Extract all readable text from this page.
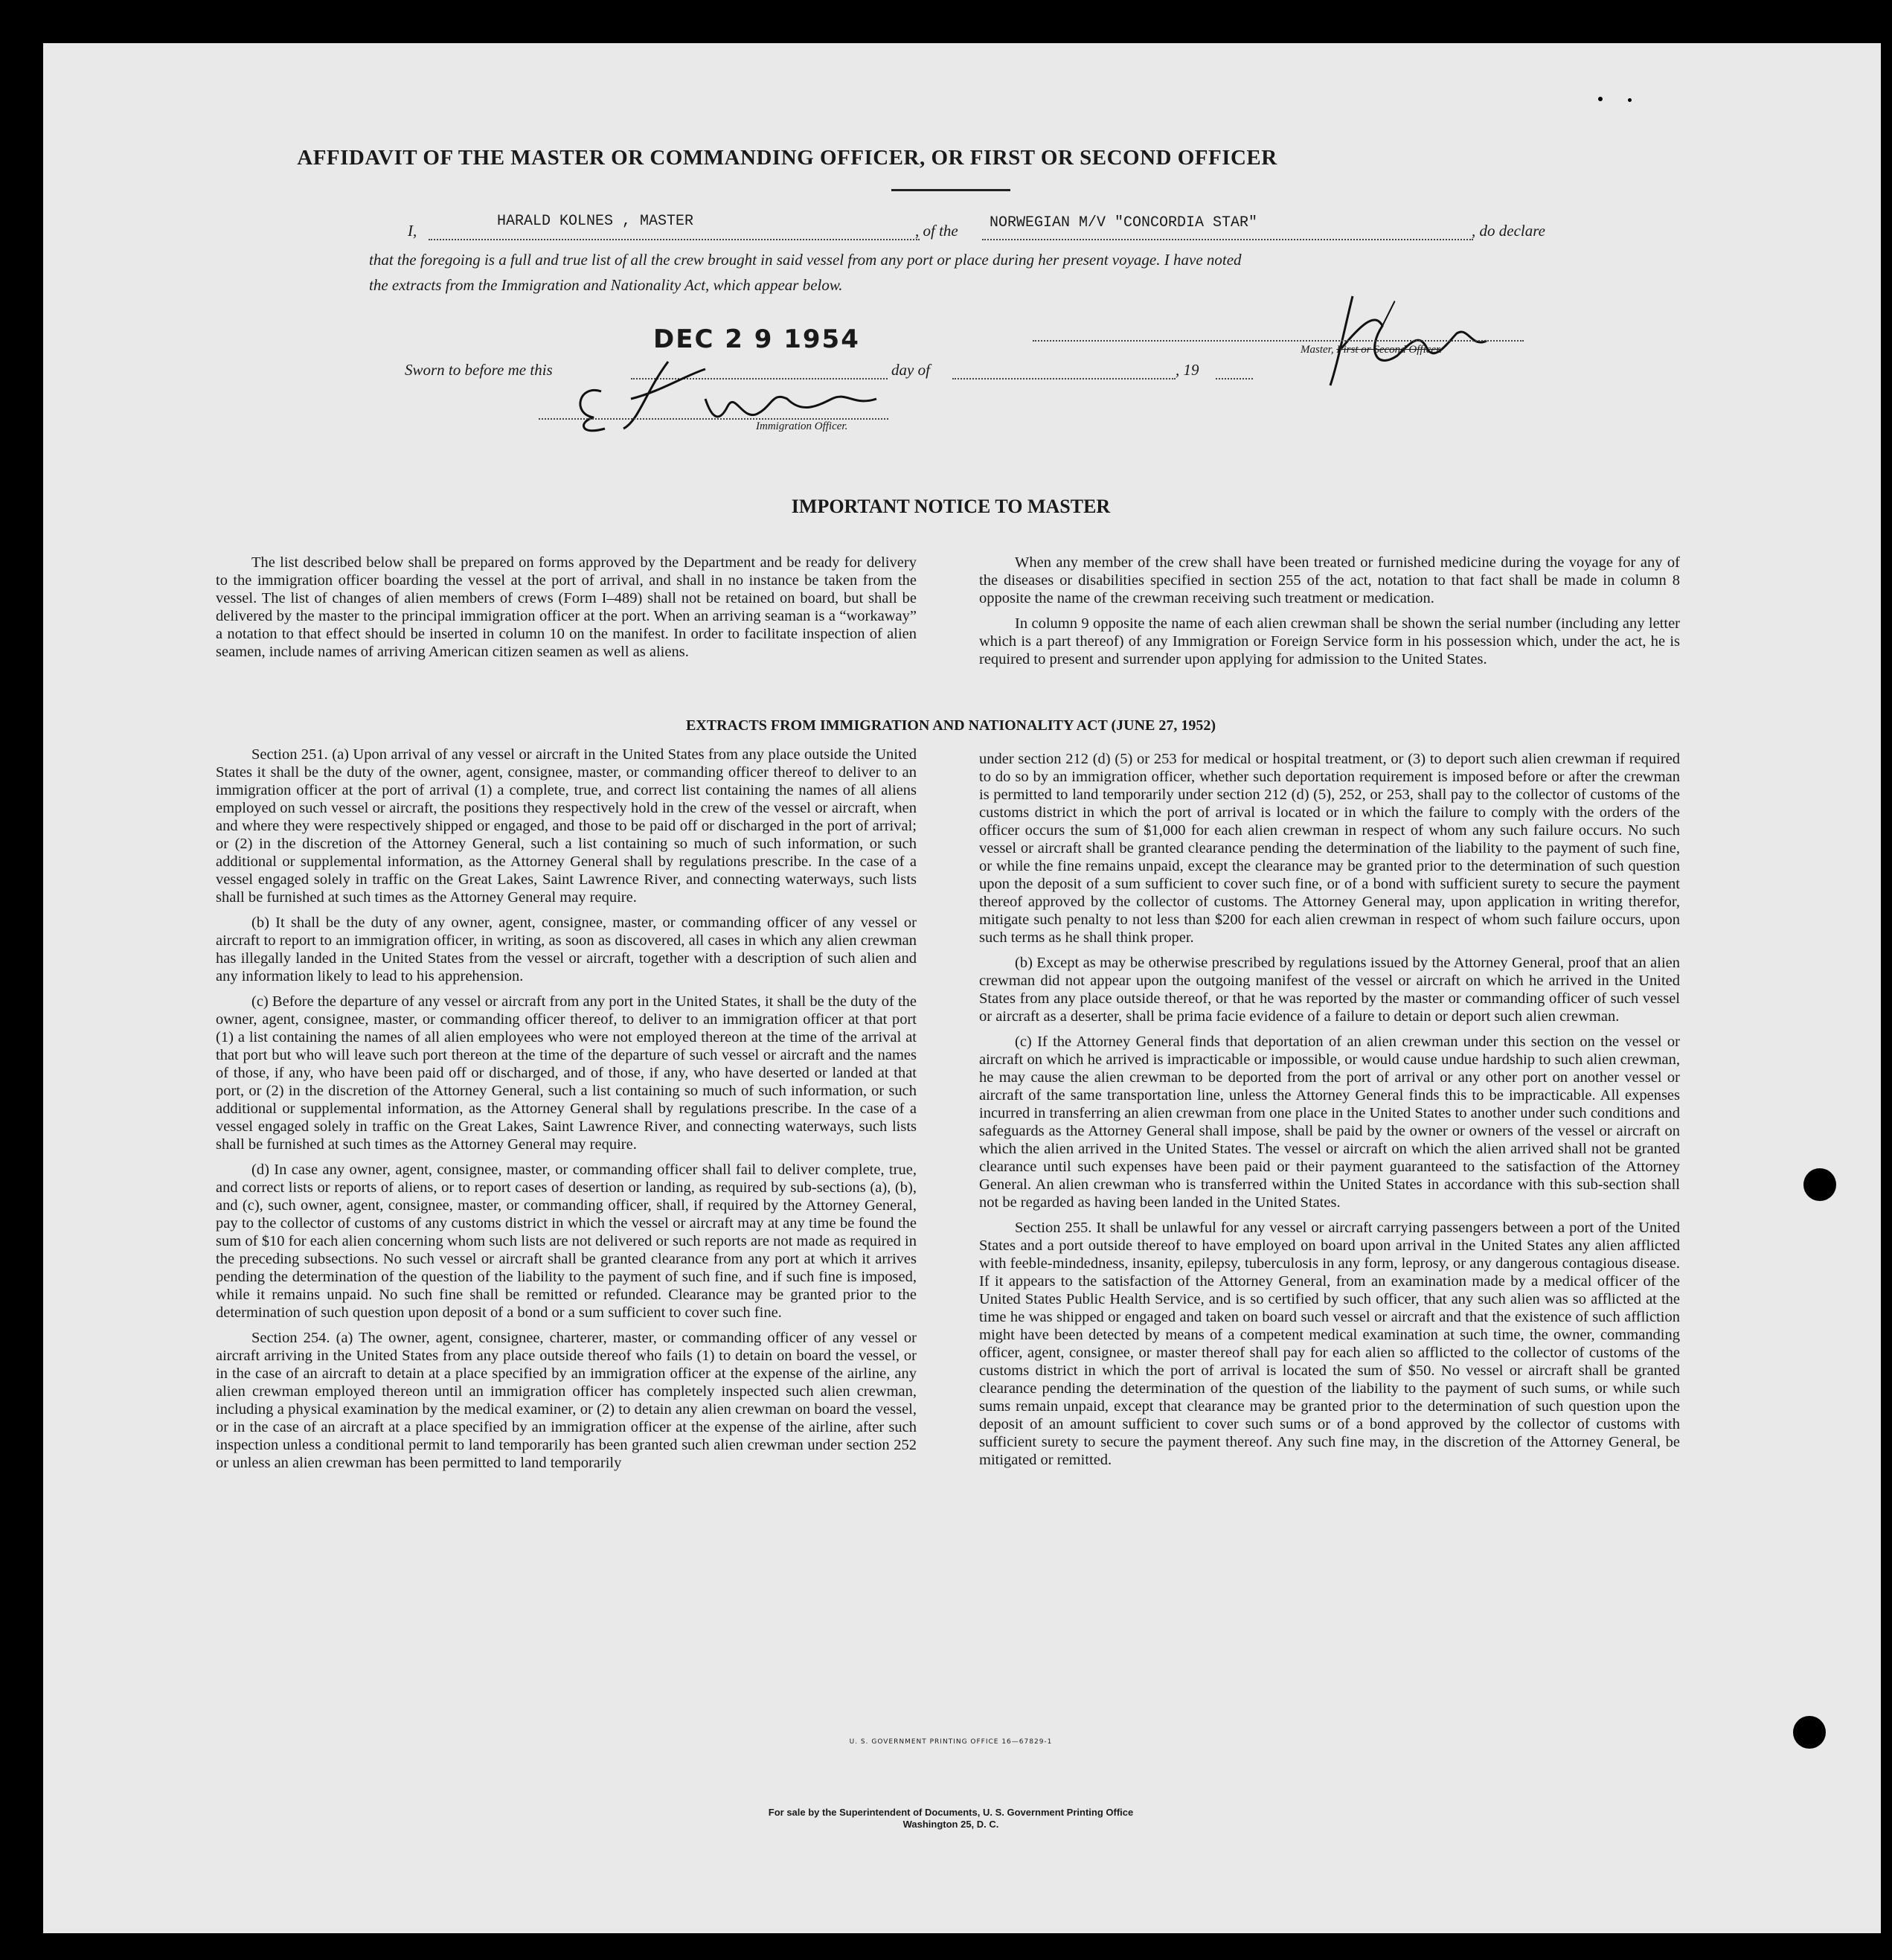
AFFIDAVIT OF THE MASTER OR COMMANDING OFFICER, OR FIRST OR SECOND OFFICER
I,
HARALD KOLNES , MASTER
, of the NORWEGIAN M/V "CONCORDIA STAR"	, do declare
that the foregoing is a full and true list of all the crew brought in said vessel from any port or place during her present voyage. I have noted
the extracts from the Immigration and Nationality Act, which appear below.
DEC 2 9 1954	Master, First or Second Officer.
Sworn to before me this	day of	, 19
Immigration Officer.
IMPORTANT NOTICE TO MASTER

The list described below shall be prepared on forms approved by the Department and be ready for delivery to the immigration officer boarding the vessel at the port of arrival, and shall in no instance be taken from the vessel. The list of changes of alien members of crews (Form I–489) shall not be retained on board, but shall be delivered by the master to the principal immigration officer at the port. When an arriving seaman is a “workaway” a notation to that effect should be inserted in column 10 on the manifest. In order to facilitate inspection of alien seamen, include names of arriving American citizen seamen as well as aliens.

When any member of the crew shall have been treated or furnished medicine during the voyage for any of the diseases or disabilities specified in section 255 of the act, notation to that fact shall be made in column 8 opposite the name of the crewman receiving such treatment or medication.

In column 9 opposite the name of each alien crewman shall be shown the serial number (including any letter which is a part thereof) of any Immigration or Foreign Service form in his possession which, under the act, he is required to present and surrender upon applying for admission to the United States.

EXTRACTS FROM IMMIGRATION AND NATIONALITY ACT (JUNE 27, 1952)

Section 251. (a) Upon arrival of any vessel or aircraft in the United States from any place outside the United States it shall be the duty of the owner, agent, consignee, master, or commanding officer thereof to deliver to an immigration officer at the port of arrival (1) a complete, true, and correct list containing the names of all aliens employed on such vessel or aircraft, the positions they respectively hold in the crew of the vessel or aircraft, when and where they were respectively shipped or engaged, and those to be paid off or discharged in the port of arrival; or (2) in the discretion of the Attorney General, such a list containing so much of such information, or such additional or supplemental information, as the Attorney General shall by regulations prescribe. In the case of a vessel engaged solely in traffic on the Great Lakes, Saint Lawrence River, and connecting waterways, such lists shall be furnished at such times as the Attorney General may require.

(b) It shall be the duty of any owner, agent, consignee, master, or commanding officer of any vessel or aircraft to report to an immigration officer, in writing, as soon as discovered, all cases in which any alien crewman has illegally landed in the United States from the vessel or aircraft, together with a description of such alien and any information likely to lead to his apprehension.

(c) Before the departure of any vessel or aircraft from any port in the United States, it shall be the duty of the owner, agent, consignee, master, or commanding officer thereof, to deliver to an immigration officer at that port (1) a list containing the names of all alien employees who were not employed thereon at the time of the arrival at that port but who will leave such port thereon at the time of the departure of such vessel or aircraft and the names of those, if any, who have been paid off or discharged, and of those, if any, who have deserted or landed at that port, or (2) in the discretion of the Attorney General, such a list containing so much of such information, or such additional or supplemental information, as the Attorney General shall by regulations prescribe. In the case of a vessel engaged solely in traffic on the Great Lakes, Saint Lawrence River, and connecting waterways, such lists shall be furnished at such times as the Attorney General may require.

(d) In case any owner, agent, consignee, master, or commanding officer shall fail to deliver complete, true, and correct lists or reports of aliens, or to report cases of desertion or landing, as required by sub-sections (a), (b), and (c), such owner, agent, consignee, master, or commanding officer, shall, if required by the Attorney General, pay to the collector of customs of any customs district in which the vessel or aircraft may at any time be found the sum of $10 for each alien concerning whom such lists are not delivered or such reports are not made as required in the preceding subsections. No such vessel or aircraft shall be granted clearance from any port at which it arrives pending the determination of the question of the liability to the payment of such fine, and if such fine is imposed, while it remains unpaid. No such fine shall be remitted or refunded. Clearance may be granted prior to the determination of such question upon deposit of a bond or a sum sufficient to cover such fine.

Section 254. (a) The owner, agent, consignee, charterer, master, or commanding officer of any vessel or aircraft arriving in the United States from any place outside thereof who fails (1) to detain on board the vessel, or in the case of an aircraft to detain at a place specified by an immigration officer at the expense of the airline, any alien crewman employed thereon until an immigration officer has completely inspected such alien crewman, including a physical examination by the medical examiner, or (2) to detain any alien crewman on board the vessel, or in the case of an aircraft at a place specified by an immigration officer at the expense of the airline, after such inspection unless a conditional permit to land temporarily has been granted such alien crewman under section 252 or unless an alien crewman has been permitted to land temporarily

under section 212 (d) (5) or 253 for medical or hospital treatment, or (3) to deport such alien crewman if required to do so by an immigration officer, whether such deportation requirement is imposed before or after the crewman is permitted to land temporarily under section 212 (d) (5), 252, or 253, shall pay to the collector of customs of the customs district in which the port of arrival is located or in which the failure to comply with the orders of the officer occurs the sum of $1,000 for each alien crewman in respect of whom any such failure occurs. No such vessel or aircraft shall be granted clearance pending the determination of the liability to the payment of such fine, or while the fine remains unpaid, except the clearance may be granted prior to the determination of such question upon the deposit of a sum sufficient to cover such fine, or of a bond with sufficient surety to secure the payment thereof approved by the collector of customs. The Attorney General may, upon application in writing therefor, mitigate such penalty to not less than $200 for each alien crewman in respect of whom such failure occurs, upon such terms as he shall think proper.

(b) Except as may be otherwise prescribed by regulations issued by the Attorney General, proof that an alien crewman did not appear upon the outgoing manifest of the vessel or aircraft on which he arrived in the United States from any place outside thereof, or that he was reported by the master or commanding officer of such vessel or aircraft as a deserter, shall be prima facie evidence of a failure to detain or deport such alien crewman.

(c) If the Attorney General finds that deportation of an alien crewman under this section on the vessel or aircraft on which he arrived is impracticable or impossible, or would cause undue hardship to such alien crewman, he may cause the alien crewman to be deported from the port of arrival or any other port on another vessel or aircraft of the same transportation line, unless the Attorney General finds this to be impracticable. All expenses incurred in transferring an alien crewman from one place in the United States to another under such conditions and safeguards as the Attorney General shall impose, shall be paid by the owner or owners of the vessel or aircraft on which the alien arrived in the United States. The vessel or aircraft on which the alien arrived shall not be granted clearance until such expenses have been paid or their payment guaranteed to the satisfaction of the Attorney General. An alien crewman who is transferred within the United States in accordance with this sub-section shall not be regarded as having been landed in the United States.

Section 255. It shall be unlawful for any vessel or aircraft carrying passengers between a port of the United States and a port outside thereof to have employed on board upon arrival in the United States any alien afflicted with feeble-mindedness, insanity, epilepsy, tuberculosis in any form, leprosy, or any dangerous contagious disease. If it appears to the satisfaction of the Attorney General, from an examination made by a medical officer of the United States Public Health Service, and is so certified by such officer, that any such alien was so afflicted at the time he was shipped or engaged and taken on board such vessel or aircraft and that the existence of such affliction might have been detected by means of a competent medical examination at such time, the owner, commanding officer, agent, consignee, or master thereof shall pay for each alien so afflicted to the collector of customs of the customs district in which the port of arrival is located the sum of $50. No vessel or aircraft shall be granted clearance pending the determination of the question of the liability to the payment of such sums, or while such sums remain unpaid, except that clearance may be granted prior to the determination of such question upon the deposit of an amount sufficient to cover such sums or of a bond approved by the collector of customs with sufficient surety to secure the payment thereof. Any such fine may, in the discretion of the Attorney General, be mitigated or remitted.

U. S. GOVERNMENT PRINTING OFFICE 16—67829-1
For sale by the Superintendent of Documents, U. S. Government Printing Office
Washington 25, D. C.
